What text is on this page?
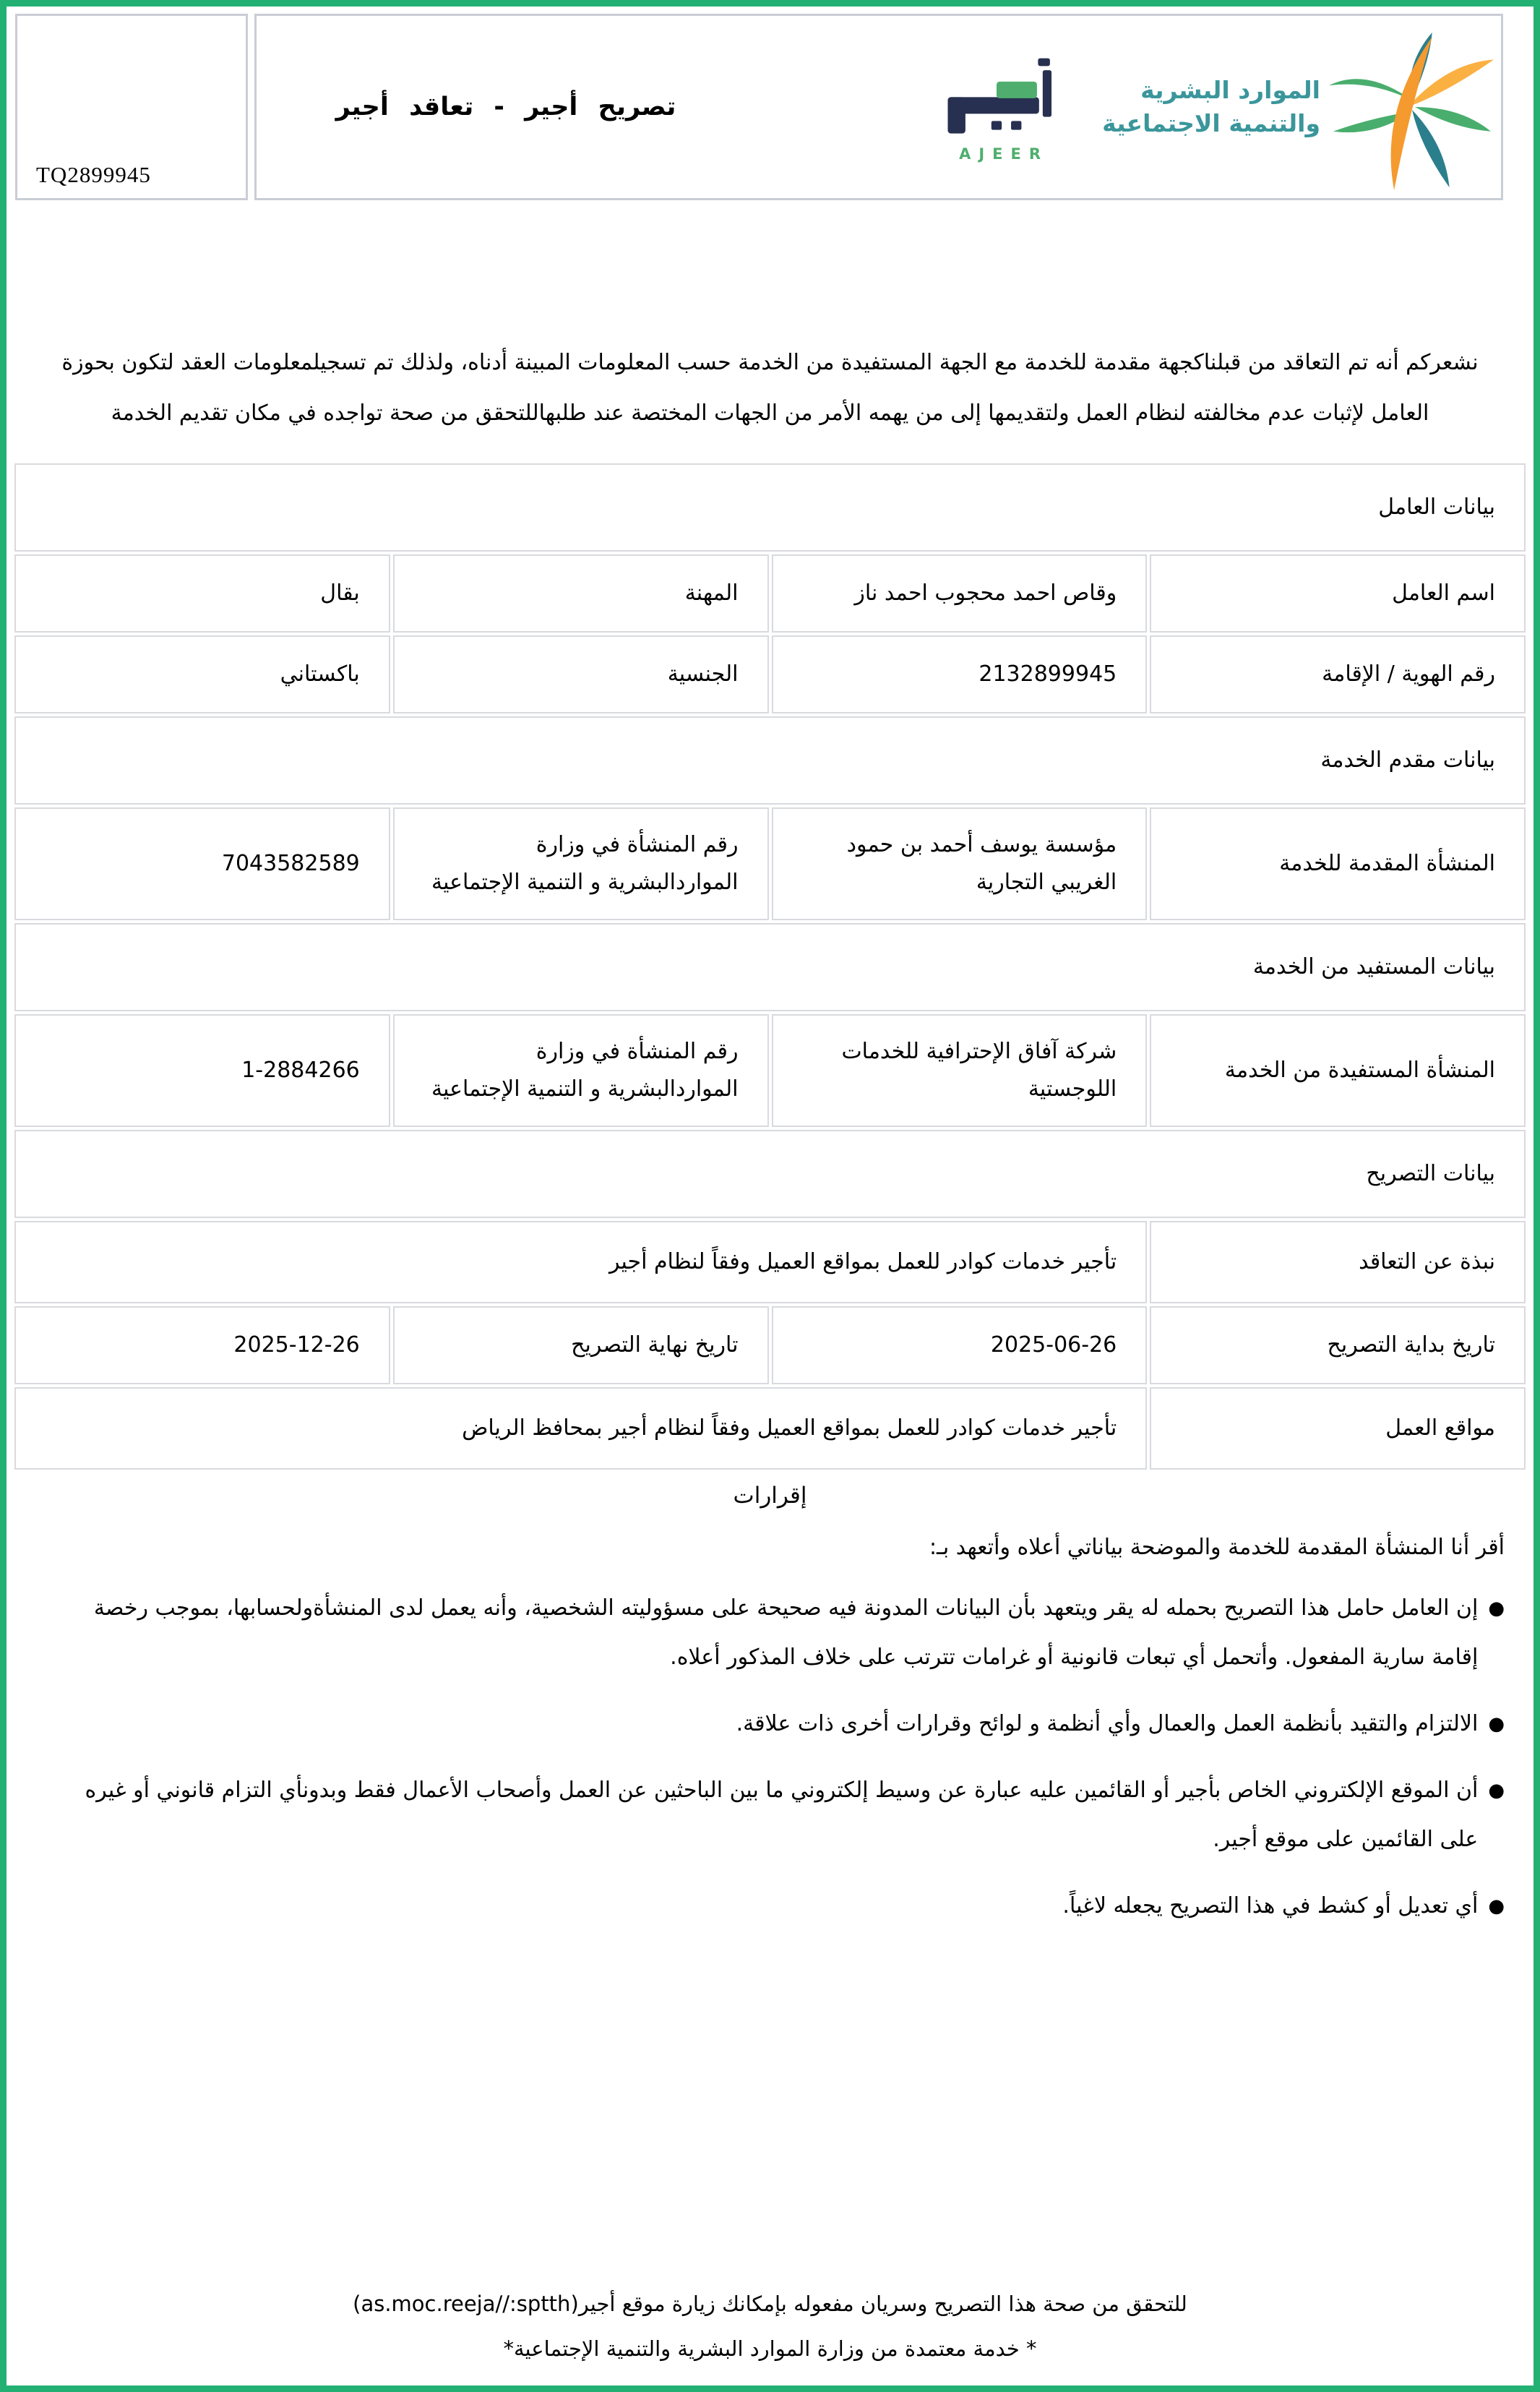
TQ2899945
تصريح أجير - تعاقد أجير
AJEER
الموارد البشرية
والتنمية الاجتماعية

نشعركم أنه تم التعاقد من قبلناكجهة مقدمة للخدمة مع الجهة المستفيدة من الخدمة حسب المعلومات المبينة أدناه، ولذلك تم تسجيلمعلومات العقد لتكون بحوزة
العامل لإثبات عدم مخالفته لنظام العمل ولتقديمها إلى من يهمه الأمر من الجهات المختصة عند طلبهاللتحقق من صحة تواجده في مكان تقديم الخدمة

بيانات العامل			
اسم العامل	وقاص احمد محجوب احمد ناز	المهنة	بقال
رقم الهوية / الإقامة	2132899945	الجنسية	باكستاني
بيانات مقدم الخدمة			
المنشأة المقدمة للخدمة	مؤسسة يوسف أحمد بن حمود الغريبي التجارية	رقم المنشأة في وزارة المواردالبشرية و التنمية الإجتماعية	7043582589
بيانات المستفيد من الخدمة			
المنشأة المستفيدة من الخدمة	شركة آفاق الإحترافية للخدمات اللوجستية	رقم المنشأة في وزارة المواردالبشرية و التنمية الإجتماعية	1-2884266
بيانات التصريح			
نبذة عن التعاقد	تأجير خدمات كوادر للعمل بمواقع العميل وفقاً لنظام أجير		
تاريخ بداية التصريح	2025-06-26	تاريخ نهاية التصريح	2025-12-26
مواقع العمل	تأجير خدمات كوادر للعمل بمواقع العميل وفقاً لنظام أجير بمحافظ الرياض		
إقرارات
أقر أنا المنشأة المقدمة للخدمة والموضحة بياناتي أعلاه وأتعهد بـ:
●
إن العامل حامل هذا التصريح بحمله له يقر ويتعهد بأن البيانات المدونة فيه صحيحة على مسؤوليته الشخصية، وأنه يعمل لدى المنشأةولحسابها، بموجب رخصة إقامة سارية المفعول. وأتحمل أي تبعات قانونية أو غرامات تترتب على خلاف المذكور أعلاه.
●
الالتزام والتقيد بأنظمة العمل والعمال وأي أنظمة و لوائح وقرارات أخرى ذات علاقة.
●
أن الموقع الإلكتروني الخاص بأجير أو القائمين عليه عبارة عن وسيط إلكتروني ما بين الباحثين عن العمل وأصحاب الأعمال فقط وبدونأي التزام قانوني أو غيره على القائمين على موقع أجير.
●
أي تعديل أو كشط في هذا التصريح يجعله لاغياً.
للتحقق من صحة هذا التصريح وسريان مفعوله بإمكانك زيارة موقع أجير(as.moc.reeja//:sptth)
* خدمة معتمدة من وزارة الموارد البشرية والتنمية الإجتماعية*
